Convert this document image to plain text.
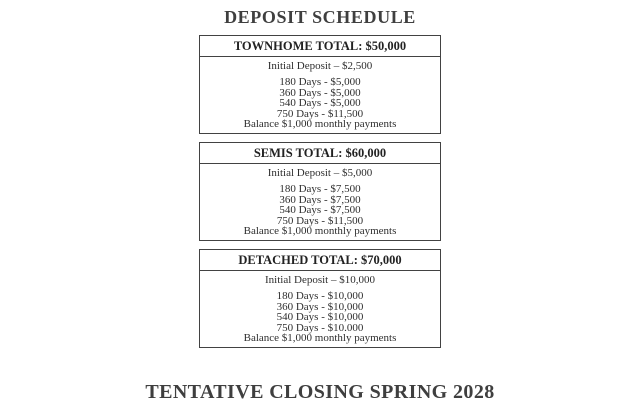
DEPOSIT SCHEDULE
TOWNHOME TOTAL: $50,000
Initial Deposit – $2,500
180 Days - $5,000
360 Days - $5,000
540 Days - $5,000
750 Days - $11,500
Balance $1,000 monthly payments
SEMIS TOTAL: $60,000
Initial Deposit – $5,000
180 Days - $7,500
360 Days - $7,500
540 Days - $7,500
750 Days - $11,500
Balance $1,000 monthly payments
DETACHED TOTAL: $70,000
Initial Deposit – $10,000
180 Days - $10,000
360 Days - $10,000
540 Days - $10,000
750 Days - $10.000
Balance $1,000 monthly payments
TENTATIVE CLOSING SPRING 2028
